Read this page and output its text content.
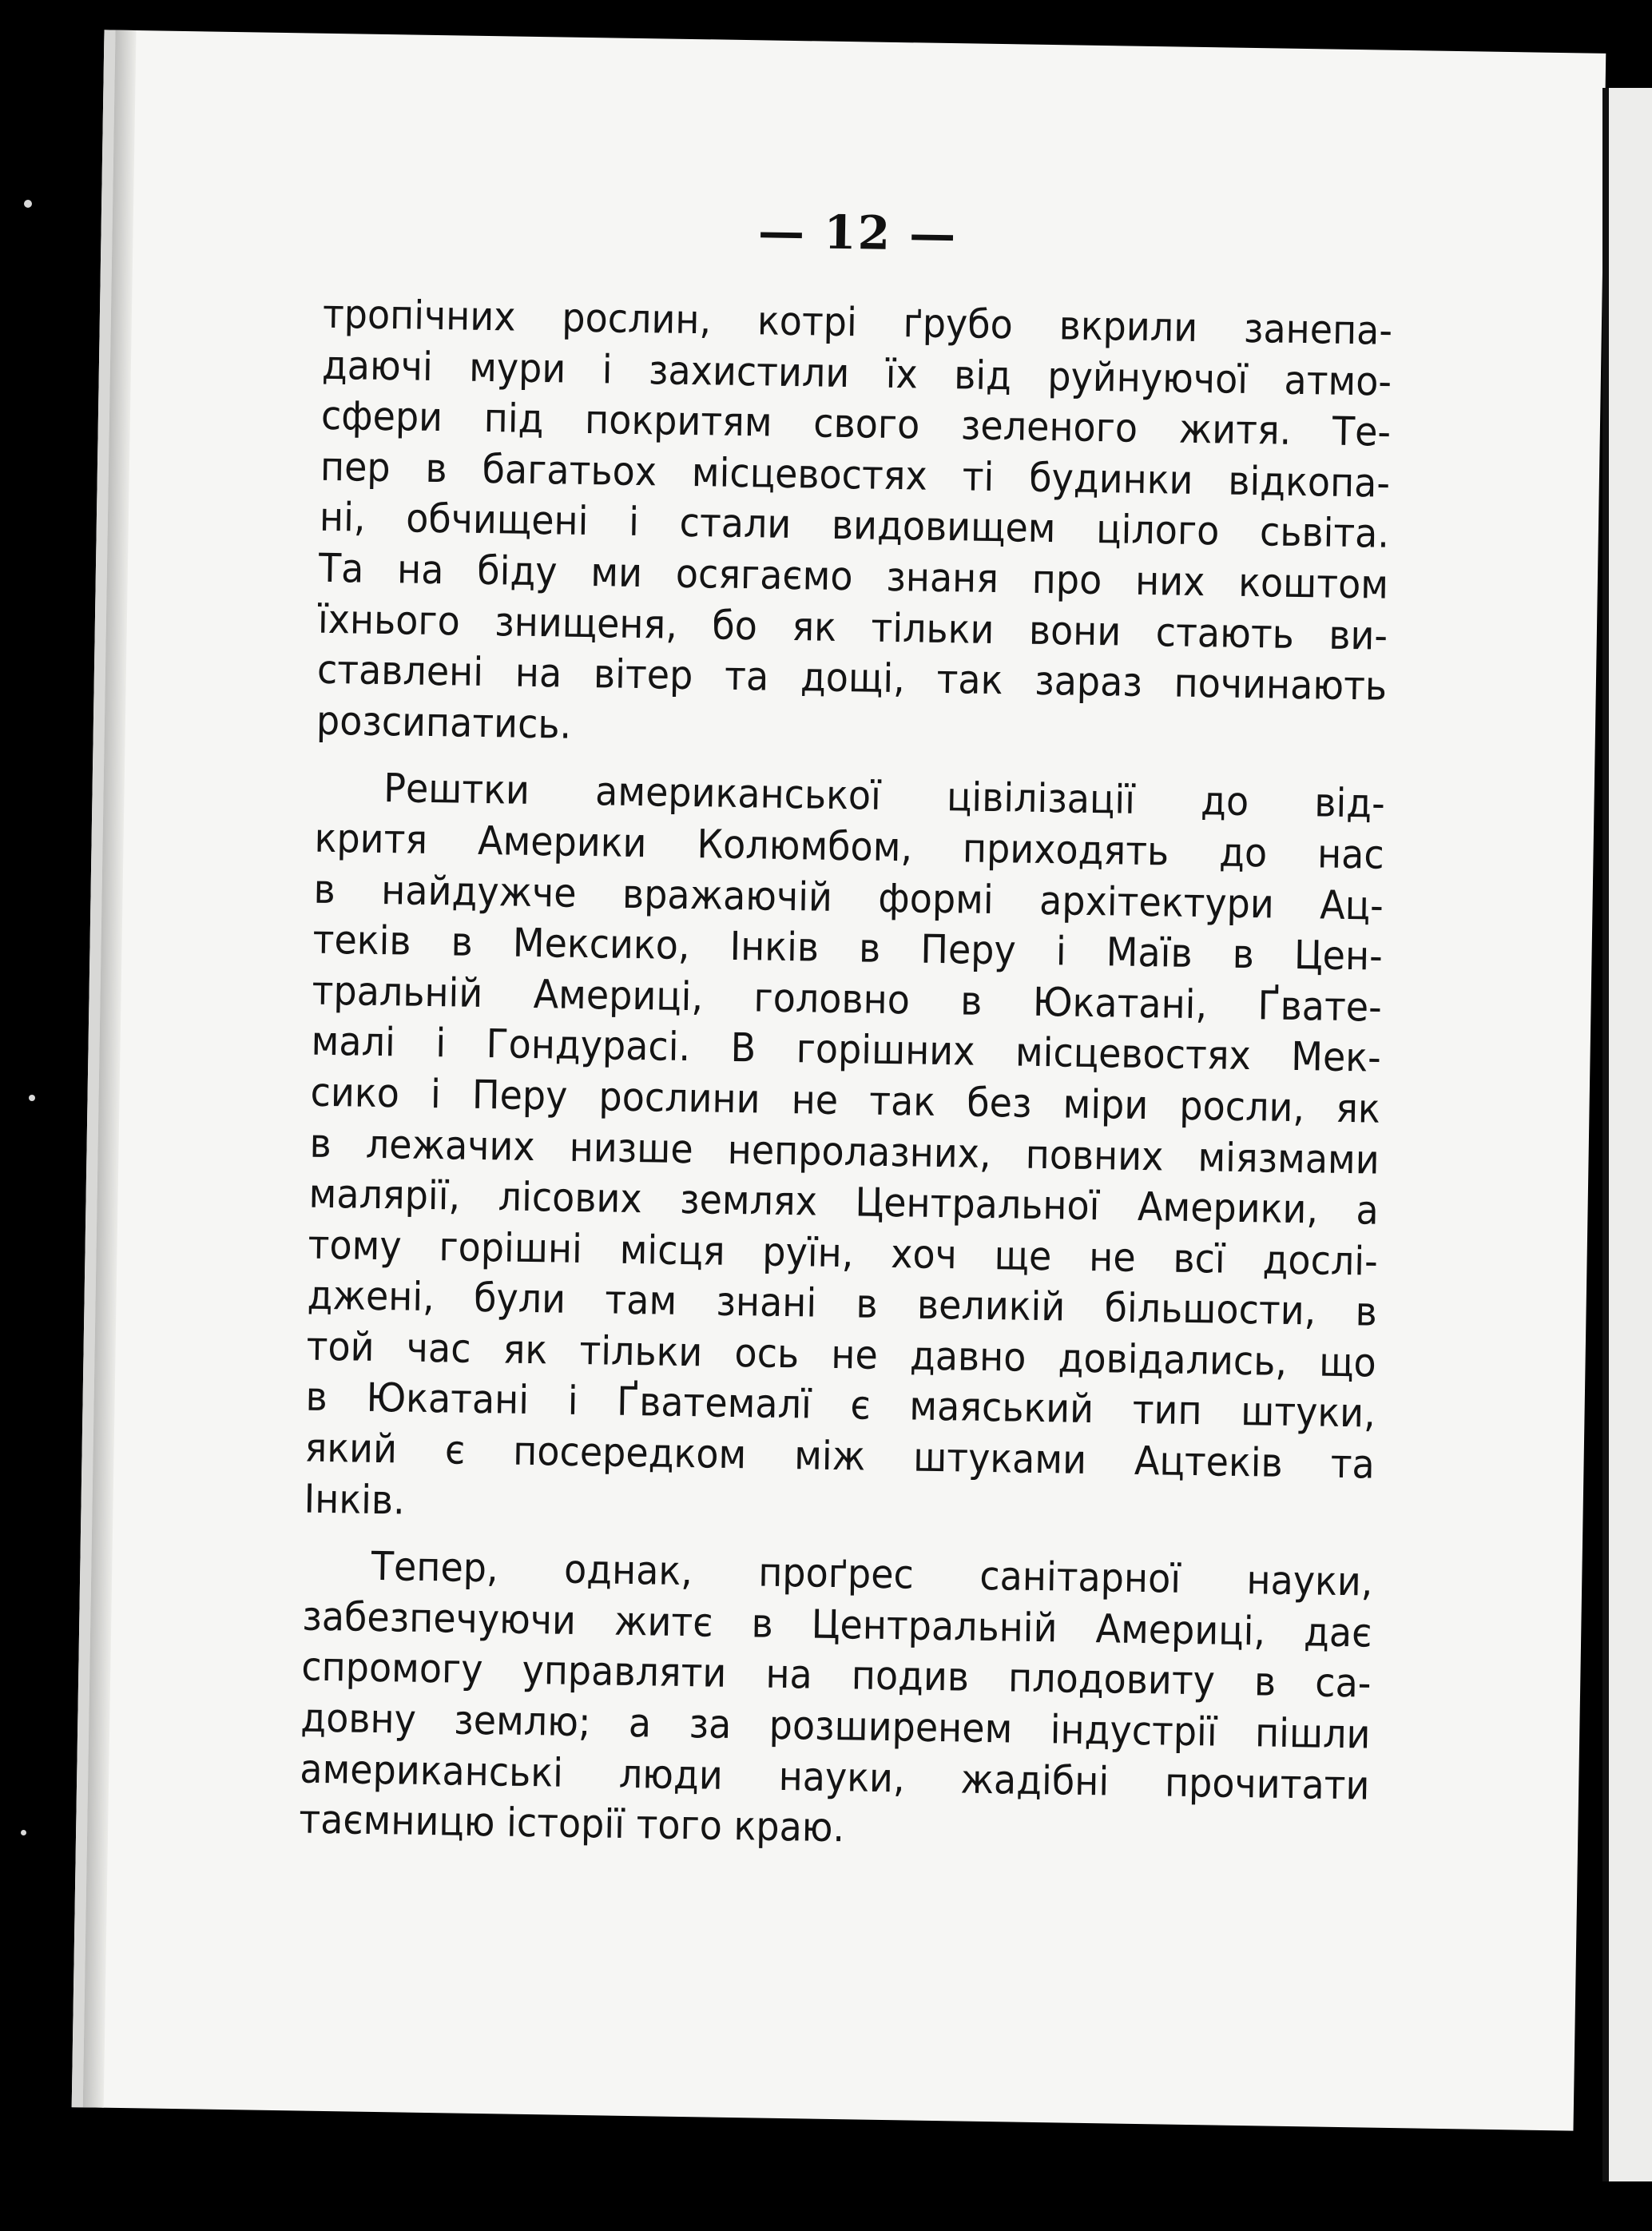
— 12 —
тропічних рослин, котрі ґрубо вкрили занепа-
даючі мури і захистили їх від руйнуючої атмо-
сфери під покритям свого зеленого житя. Те-
пер в багатьох місцевостях ті будинки відкопа-
ні, обчищені і стали видовищем цілого сьвіта.
Та на біду ми осягаємо знаня про них коштом
їхнього знищеня, бо як тільки вони стають ви-
ставлені на вітер та дощі, так зараз починають
розсипатись.
Рештки американської цівілізації до від-
критя Америки Колюмбом, приходять до нас
в найдужче вражаючій формі архітектури Ац-
теків в Мексико, Інків в Перу і Маїв в Цен-
тральній Америці, головно в Юкатані, Ґвате-
малі і Гондурасі. В горішних місцевостях Мек-
сико і Перу рослини не так без міри росли, як
в лежачих низше непролазних, повних міязмами
малярії, лісових землях Центральної Америки, а
тому горішні місця руїн, хоч ще не всї дослі-
джені, були там знані в великій більшости, в
той час як тільки ось не давно довідались, що
в Юкатані і Ґватемалї є маяський тип штуки,
який є посередком між штуками Ацтеків та
Інків.
Тепер, однак, проґрес санітарної науки,
забезпечуючи житє в Центральній Америці, дає
спромогу управляти на подив плодовиту в са-
довну землю; а за розширенем індустрії пішли
американські люди науки, жадібні прочитати
таємницю історії того краю.
